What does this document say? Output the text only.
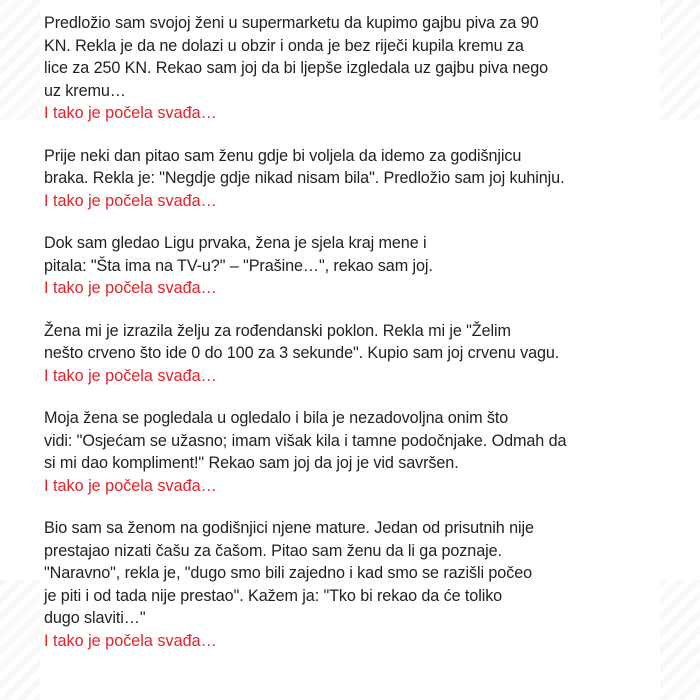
Predložio sam svojoj ženi u supermarketu da kupimo gajbu piva za 90
KN. Rekla je da ne dolazi u obzir i onda je bez riječi kupila kremu za
lice za 250 KN. Rekao sam joj da bi ljepše izgledala uz gajbu piva nego
uz kremu…
I tako je počela svađa…
Prije neki dan pitao sam ženu gdje bi voljela da idemo za godišnjicu
braka. Rekla je: "Negdje gdje nikad nisam bila". Predložio sam joj kuhinju.
I tako je počela svađa…
Dok sam gledao Ligu prvaka, žena je sjela kraj mene i
pitala: "Šta ima na TV-u?" – "Prašine…", rekao sam joj.
I tako je počela svađa…
Žena mi je izrazila želju za rođendanski poklon. Rekla mi je "Želim
nešto crveno što ide 0 do 100 za 3 sekunde". Kupio sam joj crvenu vagu.
I tako je počela svađa…
Moja žena se pogledala u ogledalo i bila je nezadovoljna onim što
vidi: "Osjećam se užasno; imam višak kila i tamne podočnjake. Odmah da
si mi dao kompliment!" Rekao sam joj da joj je vid savršen.
I tako je počela svađa…
Bio sam sa ženom na godišnjici njene mature. Jedan od prisutnih nije
prestajao nizati čašu za čašom. Pitao sam ženu da li ga poznaje.
"Naravno", rekla je, "dugo smo bili zajedno i kad smo se razišli počeo
je piti i od tada nije prestao". Kažem ja: "Tko bi rekao da će toliko
dugo slaviti…"
I tako je počela svađa…
